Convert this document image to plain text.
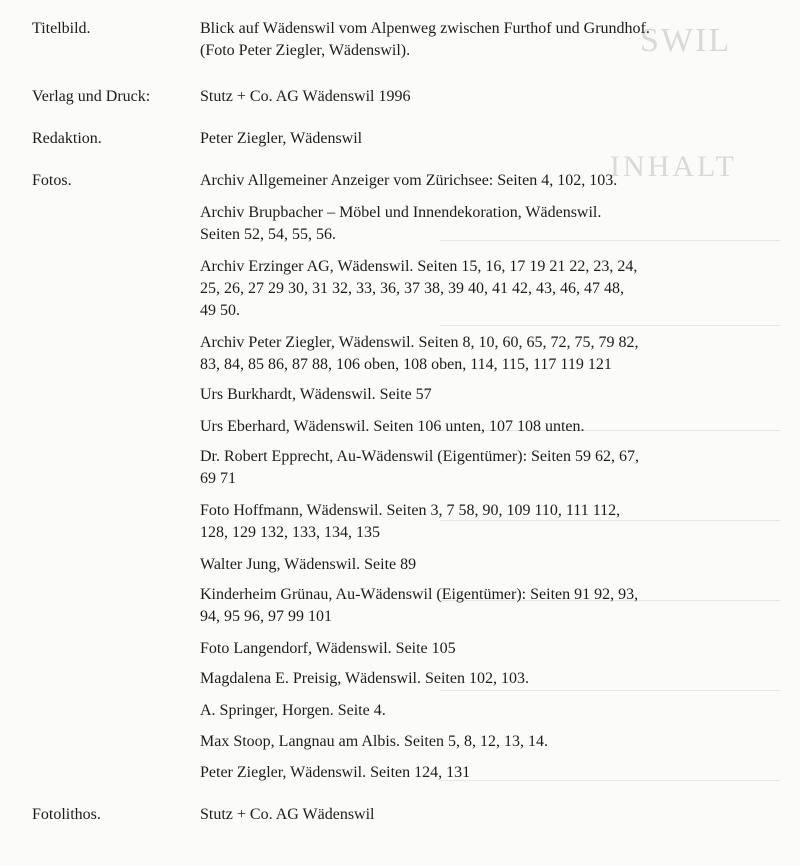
SWIL
INHALT
Titelbild.	Blick auf Wädenswil vom Alpenweg zwischen Furthof und Grundhof.
(Foto Peter Ziegler, Wädenswil).
Verlag und Druck:	Stutz + Co. AG Wädenswil 1996
Redaktion.	Peter Ziegler, Wädenswil
Fotos.	Archiv Allgemeiner Anzeiger vom Zürichsee: Seiten 4, 102, 103.
Archiv Brupbacher – Möbel und Innendekoration, Wädenswil.
Seiten 52, 54, 55, 56.
Archiv Erzinger AG, Wädenswil. Seiten 15, 16, 17 19 21 22, 23, 24,
25, 26, 27 29 30, 31 32, 33, 36, 37 38, 39 40, 41 42, 43, 46, 47 48,
49 50.
Archiv Peter Ziegler, Wädenswil. Seiten 8, 10, 60, 65, 72, 75, 79 82,
83, 84, 85 86, 87 88, 106 oben, 108 oben, 114, 115, 117 119 121
Urs Burkhardt, Wädenswil. Seite 57
Urs Eberhard, Wädenswil. Seiten 106 unten, 107 108 unten.
Dr. Robert Epprecht, Au-Wädenswil (Eigentümer): Seiten 59 62, 67,
69 71
Foto Hoffmann, Wädenswil. Seiten 3, 7 58, 90, 109 110, 111 112,
128, 129 132, 133, 134, 135
Walter Jung, Wädenswil. Seite 89
Kinderheim Grünau, Au-Wädenswil (Eigentümer): Seiten 91 92, 93,
94, 95 96, 97 99 101
Foto Langendorf, Wädenswil. Seite 105
Magdalena E. Preisig, Wädenswil. Seiten 102, 103.
A. Springer, Horgen. Seite 4.
Max Stoop, Langnau am Albis. Seiten 5, 8, 12, 13, 14.
Peter Ziegler, Wädenswil. Seiten 124, 131
Fotolithos.	Stutz + Co. AG Wädenswil
